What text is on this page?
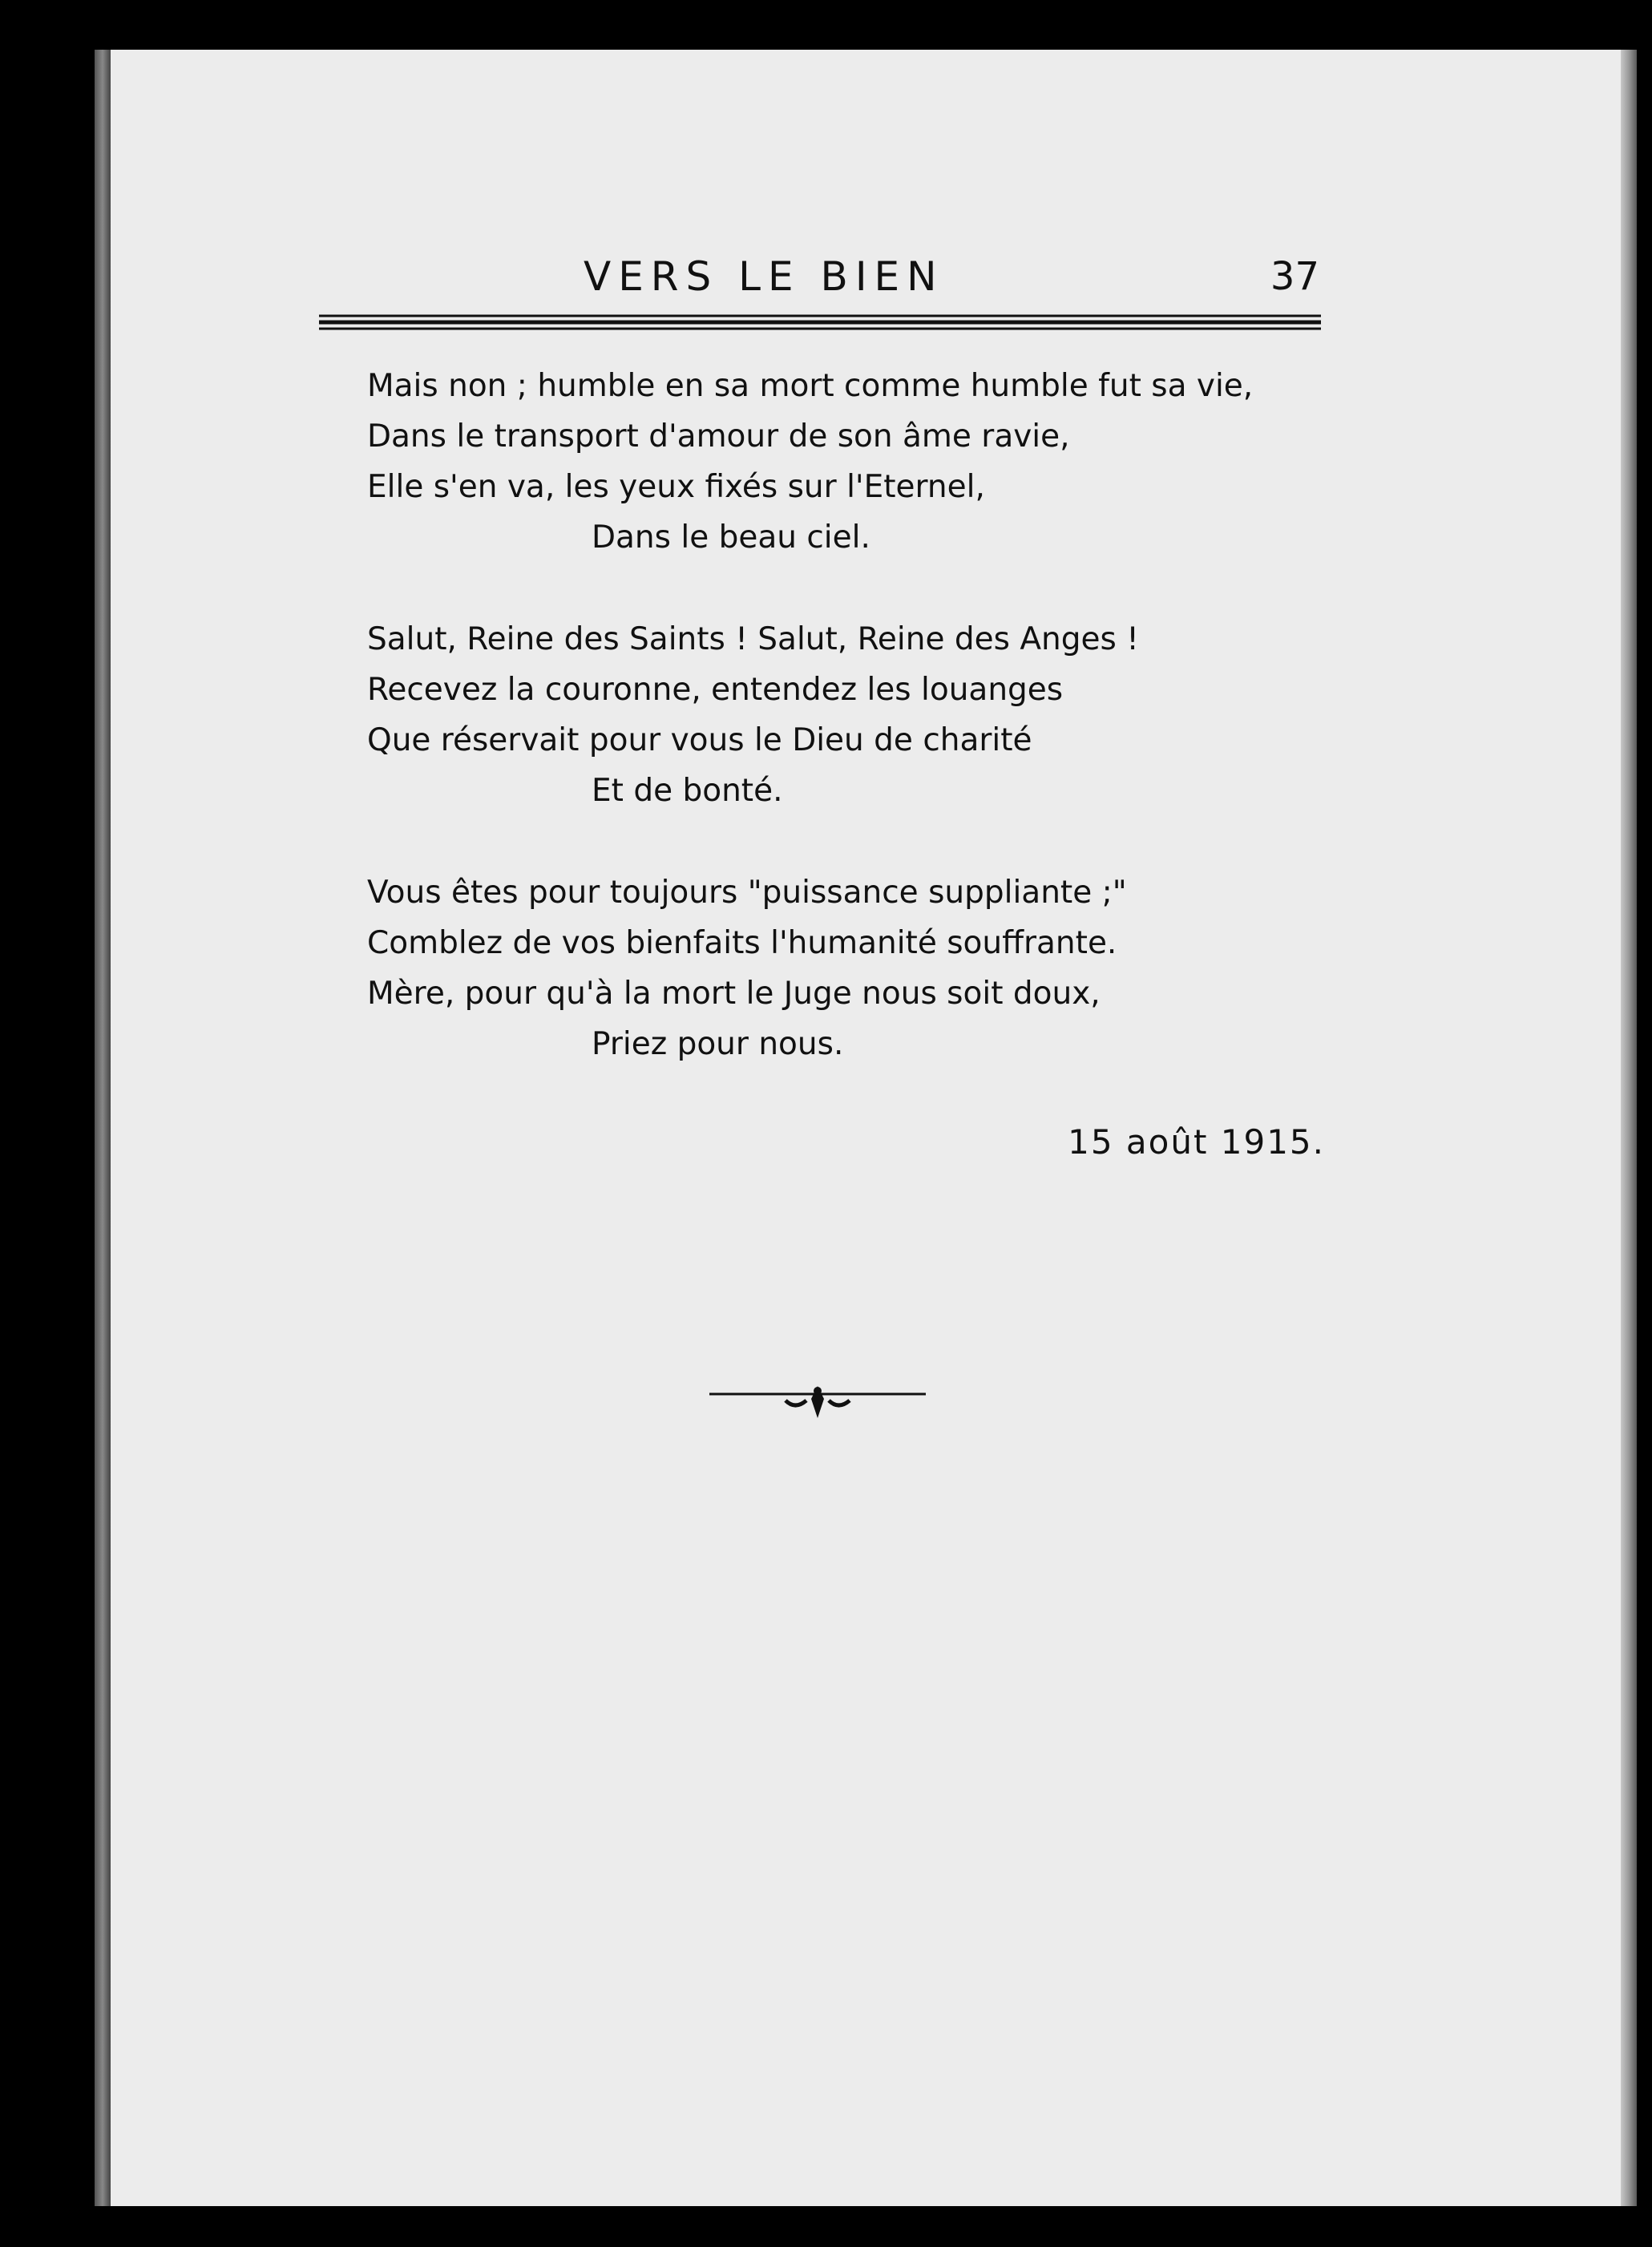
VERS LE BIEN	37
Mais non ; humble en sa mort comme humble fut sa vie,
Dans le transport d'amour de son âme ravie,
Elle s'en va, les yeux fixés sur l'Eternel,
Dans le beau ciel.
Salut, Reine des Saints ! Salut, Reine des Anges !
Recevez la couronne, entendez les louanges
Que réservait pour vous le Dieu de charité
Et de bonté.
Vous êtes pour toujours "puissance suppliante ;"
Comblez de vos bienfaits l'humanité souffrante.
Mère, pour qu'à la mort le Juge nous soit doux,
Priez pour nous.
15 août 1915.
